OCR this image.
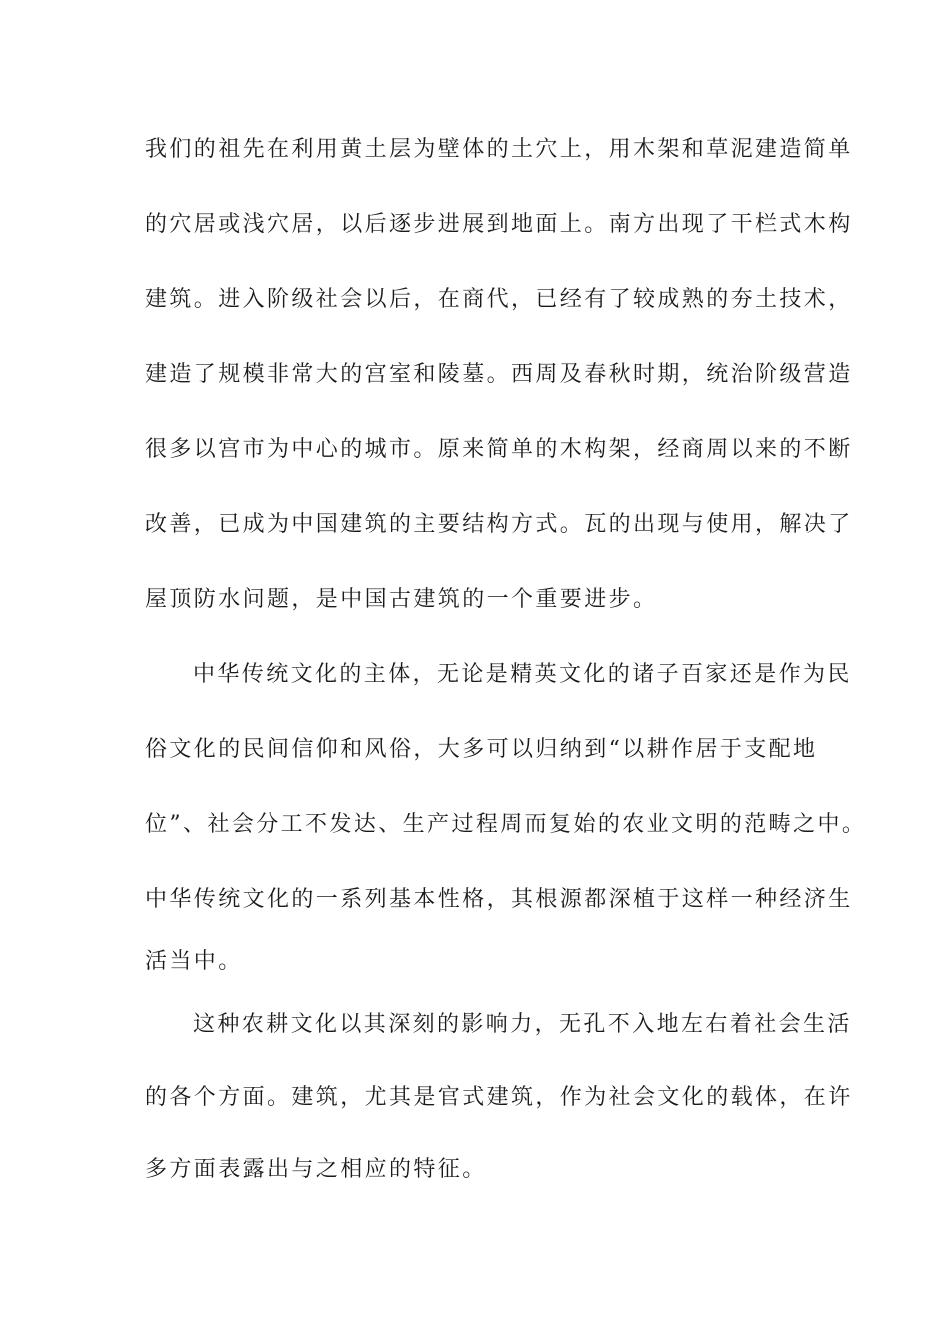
我们的祖先在利用黄土层为壁体的土穴上，用木架和草泥建造简单
的穴居或浅穴居，以后逐步进展到地面上。南方出现了干栏式木构
建筑。进入阶级社会以后，在商代，已经有了较成熟的夯土技术，
建造了规模非常大的宫室和陵墓。西周及春秋时期，统治阶级营造
很多以宫市为中心的城市。原来简单的木构架，经商周以来的不断
改善，已成为中国建筑的主要结构方式。瓦的出现与使用，解决了
屋顶防水问题，是中国古建筑的一个重要进步。
中华传统文化的主体，无论是精英文化的诸子百家还是作为民
俗文化的民间信仰和风俗，大多可以归纳到“以耕作居于支配地
位”、社会分工不发达、生产过程周而复始的农业文明的范畴之中。
中华传统文化的一系列基本性格，其根源都深植于这样一种经济生
活当中。
这种农耕文化以其深刻的影响力，无孔不入地左右着社会生活
的各个方面。建筑，尤其是官式建筑，作为社会文化的载体，在许
多方面表露出与之相应的特征。
